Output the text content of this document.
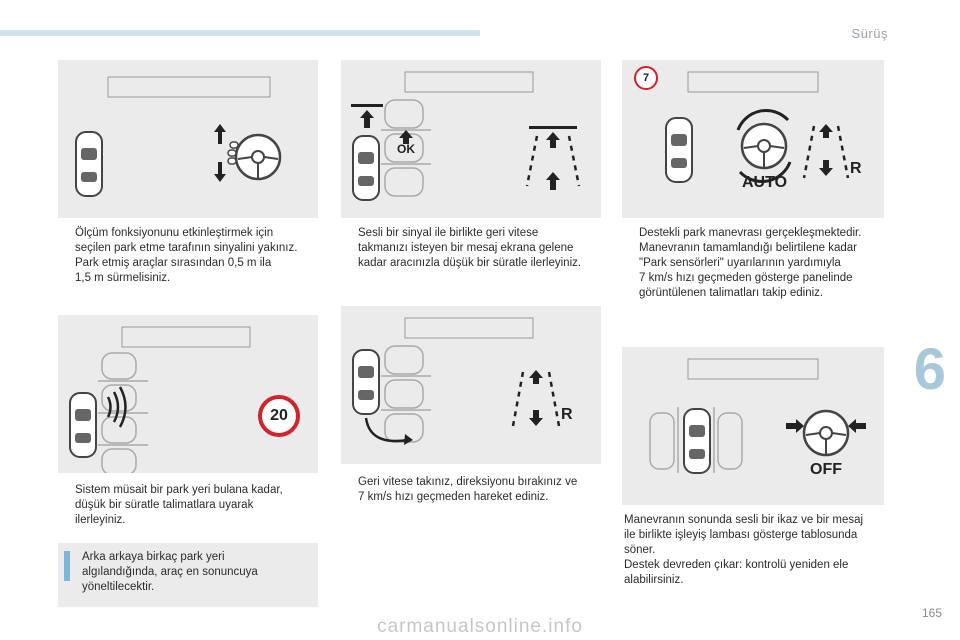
Sürüş
6
165
carmanualsonline.info
Ölçüm fonksiyonunu etkinleştirmek için
seçilen park etme tarafının sinyalini yakınız.
Park etmiş araçlar sırasından 0,5 m ila
1,5 m sürmelisiniz.
20
Sistem müsait bir park yeri bulana kadar,
düşük bir süratle talimatlara uyarak
ilerleyiniz.
Arka arkaya birkaç park yeri
algılandığında, araç en sonuncuya
yöneltilecektir.
OK
Sesli bir sinyal ile birlikte geri vitese
takmanızı isteyen bir mesaj ekrana gelene
kadar aracınızla düşük bir süratle ilerleyiniz.
R
Geri vitese takınız, direksiyonu bırakınız ve
7 km/s hızı geçmeden hareket ediniz.
7
AUTO
R
Destekli park manevrası gerçekleşmektedir.
Manevranın tamamlandığı belirtilene kadar
"Park sensörleri" uyarılarının yardımıyla
7 km/s hızı geçmeden gösterge panelinde
görüntülenen talimatları takip ediniz.
OFF
Manevranın sonunda sesli bir ikaz ve bir mesaj
ile birlikte işleyiş lambası gösterge tablosunda
söner.
Destek devreden çıkar: kontrolü yeniden ele
alabilirsiniz.
